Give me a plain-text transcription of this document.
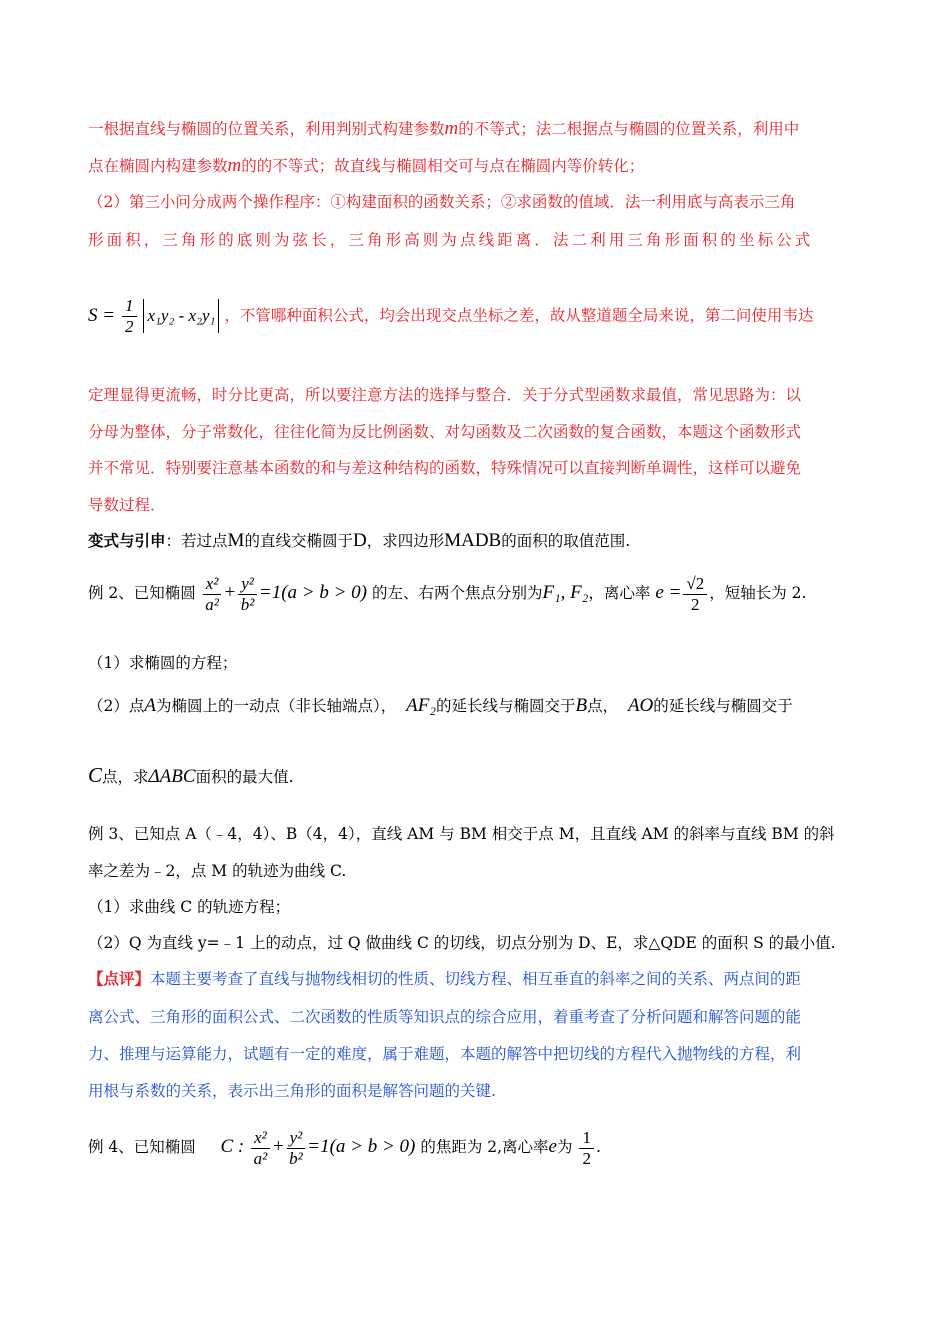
一根据直线与椭圆的位置关系，利用判别式构建参数m的不等式；法二根据点与椭圆的位置关系，利用中
点在椭圆内构建参数m的的不等式；故直线与椭圆相交可与点在椭圆内等价转化；
（2）第三小问分成两个操作程序：①构建面积的函数关系；②求函数的值域．法一利用底与高表示三角
形面积，三角形的底则为弦长，三角形高则为点线距离．法二利用三角形面积的坐标公式
$S = \frac{1}{2} x_1y_2 - x_2y_1$ ，不管哪种面积公式，均会出现交点坐标之差，故从整道题全局来说，第二问使用韦达
定理显得更流畅，时分比更高，所以要注意方法的选择与整合．关于分式型函数求最值，常见思路为：以
分母为整体，分子常数化，往往化简为反比例函数、对勾函数及二次函数的复合函数，本题这个函数形式
并不常见．特别要注意基本函数的和与差这种结构的函数，特殊情况可以直接判断单调性，这样可以避免
导数过程．
变式与引申：若过点M的直线交椭圆于D，求四边形MADB的面积的取值范围.
例 2、已知椭圆 $\frac{\text{x²}}{\text{a²}} + \frac{\text{y²}}{\text{b²}} =1(a > b > 0)$ 的左、右两个焦点分别为F₁, F₂，离心率 $e = \frac{√2}{2}$ ，短轴长为 2.
（1）求椭圆的方程；
（2）点A为椭圆上的一动点（非长轴端点）， AF₂的延长线与椭圆交于B点， AO的延长线与椭圆交于
C点，求ΔABC面积的最大值.
例 3、已知点 A（﹣4，4）、B（4，4），直线 AM 与 BM 相交于点 M，且直线 AM 的斜率与直线 BM 的斜
率之差为﹣2，点 M 的轨迹为曲线 C.
（1）求曲线 C 的轨迹方程；
（2）Q 为直线 y=﹣1 上的动点，过 Q 做曲线 C 的切线，切点分别为 D、E，求△QDE 的面积 S 的最小值.
【点评】本题主要考查了直线与抛物线相切的性质、切线方程、相互垂直的斜率之间的关系、两点间的距
离公式、三角形的面积公式、二次函数的性质等知识点的综合应用，着重考查了分析问题和解答问题的能
力、推理与运算能力，试题有一定的难度，属于难题，本题的解答中把切线的方程代入抛物线的方程，利
用根与系数的关系，表示出三角形的面积是解答问题的关键.
例 4、已知椭圆 C : $\frac{\text{x²}}{\text{a²}} + \frac{\text{y²}}{\text{b²}} =1(a > b > 0)$ 的焦距为 2,离心率e为 $\frac{1}{2}$ .
